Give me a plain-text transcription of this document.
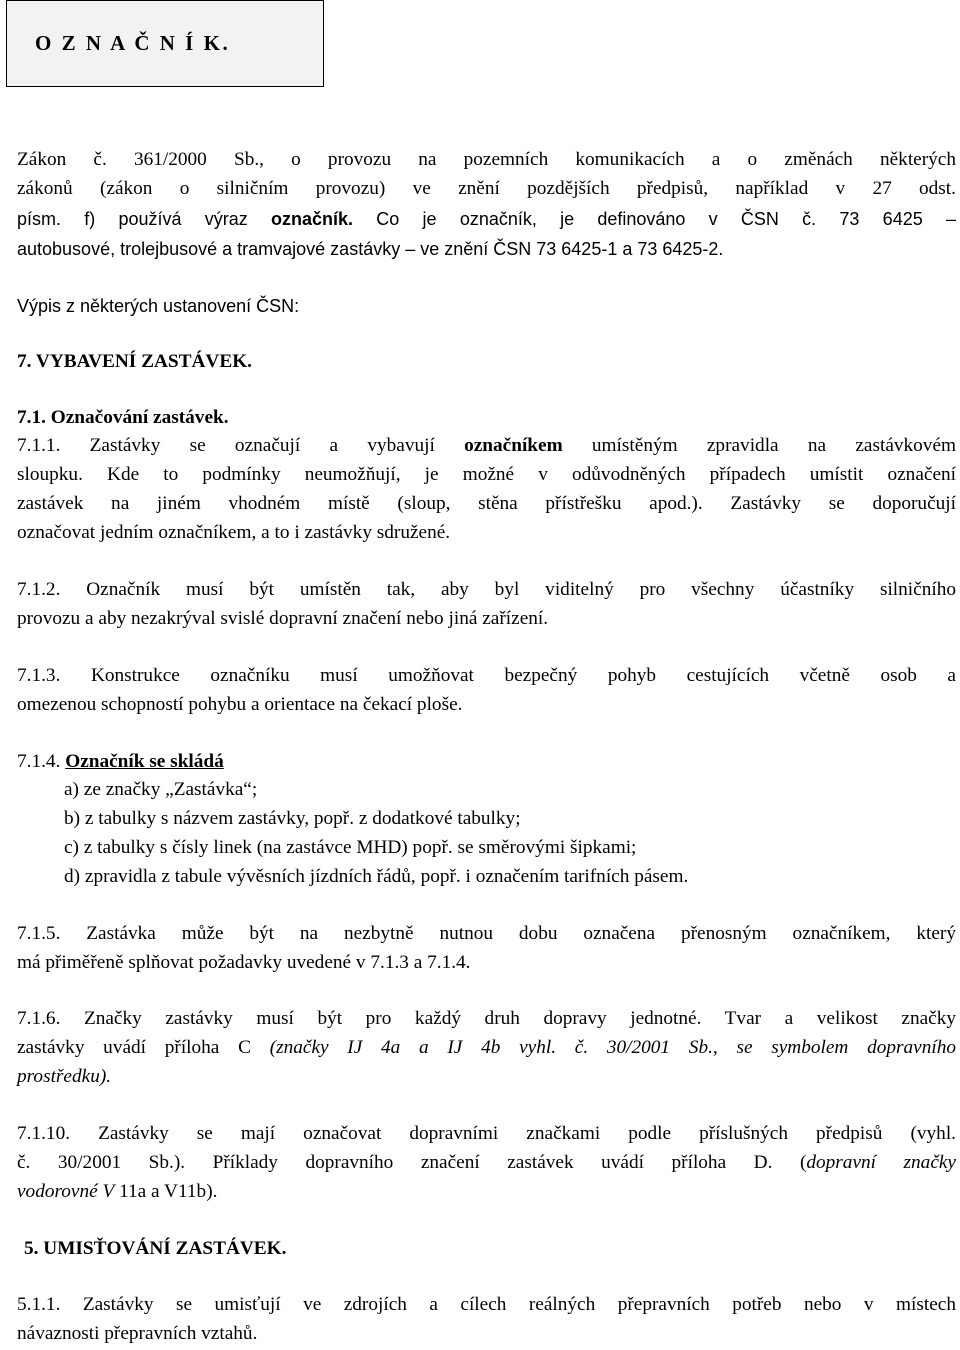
O Z N A Č N Í K.
Zákon č. 361/2000 Sb., o provozu na pozemních komunikacích a o změnách některých
zákonů (zákon o silničním provozu) ve znění pozdějších předpisů, například v 27 odst.
písm. f) používá výraz označník. Co je označník, je definováno v ČSN č. 73 6425 –
autobusové, trolejbusové a tramvajové zastávky – ve znění ČSN 73 6425-1 a 73 6425-2.
Výpis z některých ustanovení ČSN:
7. VYBAVENÍ ZASTÁVEK.
7.1. Označování zastávek.
7.1.1. Zastávky se označují a vybavují označníkem umístěným zpravidla na zastávkovém
sloupku. Kde to podmínky neumožňují, je možné v odůvodněných případech umístit označení
zastávek na jiném vhodném místě (sloup, stěna přístřešku apod.). Zastávky se doporučují
označovat jedním označníkem, a to i zastávky sdružené.
7.1.2. Označník musí být umístěn tak, aby byl viditelný pro všechny účastníky silničního
provozu a aby nezakrýval svislé dopravní značení nebo jiná zařízení.
7.1.3. Konstrukce označníku musí umožňovat bezpečný pohyb cestujících včetně osob a
omezenou schopností pohybu a orientace na čekací ploše.
7.1.4. Označník se skládá
a) ze značky „Zastávka“;
b) z tabulky s názvem zastávky, popř. z dodatkové tabulky;
c) z tabulky s čísly linek (na zastávce MHD) popř. se směrovými šipkami;
d) zpravidla z tabule vývěsních jízdních řádů, popř. i označením tarifních pásem.
7.1.5. Zastávka může být na nezbytně nutnou dobu označena přenosným označníkem, který
má přiměřeně splňovat požadavky uvedené v 7.1.3 a 7.1.4.
7.1.6. Značky zastávky musí být pro každý druh dopravy jednotné. Tvar a velikost značky
zastávky uvádí příloha C (značky IJ 4a a IJ 4b vyhl. č. 30/2001 Sb., se symbolem dopravního
prostředku).
7.1.10. Zastávky se mají označovat dopravními značkami podle příslušných předpisů (vyhl.
č. 30/2001 Sb.). Příklady dopravního značení zastávek uvádí příloha D. (dopravní značky
vodorovné V 11a a V11b).
5. UMISŤOVÁNÍ ZASTÁVEK.
5.1.1. Zastávky se umisťují ve zdrojích a cílech reálných přepravních potřeb nebo v místech
návaznosti přepravních vztahů.
